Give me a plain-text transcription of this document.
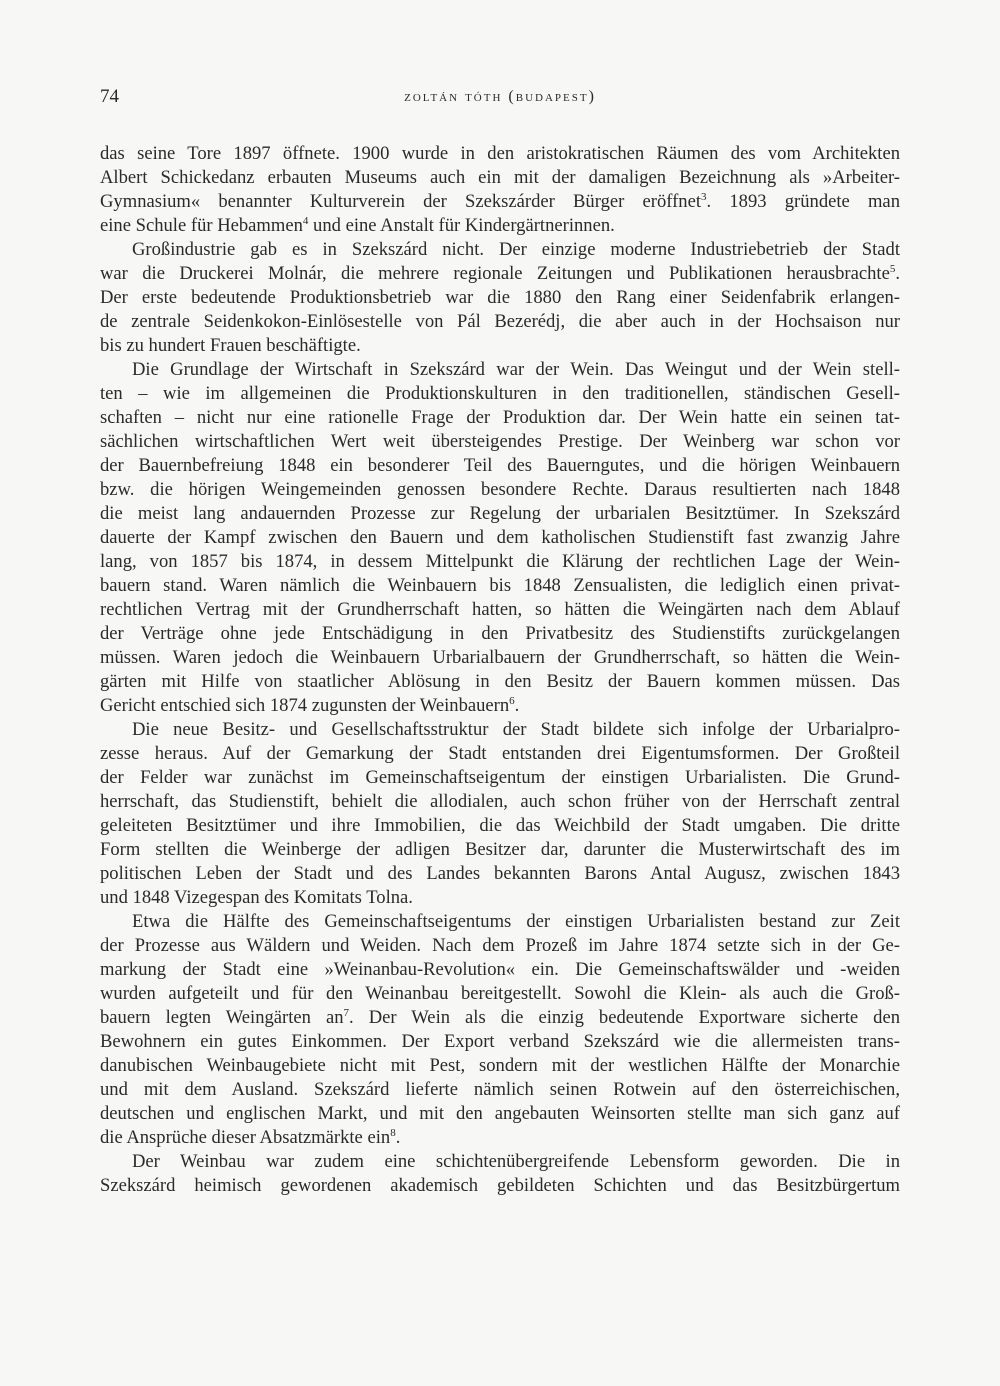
74	zoltán tóth (budapest)

das seine Tore 1897 öffnete. 1900 wurde in den aristokratischen Räumen des vom Architekten

Albert Schickedanz erbauten Museums auch ein mit der damaligen Bezeichnung als »Arbeiter-

Gymnasium« benannter Kulturverein der Szekszárder Bürger eröffnet$^3$. 1893 gründete man

eine Schule für Hebammen$^4$ und eine Anstalt für Kindergärtnerinnen.

Großindustrie gab es in Szekszárd nicht. Der einzige moderne Industriebetrieb der Stadt

war die Druckerei Molnár, die mehrere regionale Zeitungen und Publikationen herausbrachte$^5$.

Der erste bedeutende Produktionsbetrieb war die 1880 den Rang einer Seidenfabrik erlangen-

de zentrale Seidenkokon-Einlösestelle von Pál Bezerédj, die aber auch in der Hochsaison nur

bis zu hundert Frauen beschäftigte.

Die Grundlage der Wirtschaft in Szekszárd war der Wein. Das Weingut und der Wein stell-

ten – wie im allgemeinen die Produktionskulturen in den traditionellen, ständischen Gesell-

schaften – nicht nur eine rationelle Frage der Produktion dar. Der Wein hatte ein seinen tat-

sächlichen wirtschaftlichen Wert weit übersteigendes Prestige. Der Weinberg war schon vor

der Bauernbefreiung 1848 ein besonderer Teil des Bauerngutes, und die hörigen Weinbauern

bzw. die hörigen Weingemeinden genossen besondere Rechte. Daraus resultierten nach 1848

die meist lang andauernden Prozesse zur Regelung der urbarialen Besitztümer. In Szekszárd

dauerte der Kampf zwischen den Bauern und dem katholischen Studienstift fast zwanzig Jahre

lang, von 1857 bis 1874, in dessem Mittelpunkt die Klärung der rechtlichen Lage der Wein-

bauern stand. Waren nämlich die Weinbauern bis 1848 Zensualisten, die lediglich einen privat-

rechtlichen Vertrag mit der Grundherrschaft hatten, so hätten die Weingärten nach dem Ablauf

der Verträge ohne jede Entschädigung in den Privatbesitz des Studienstifts zurückgelangen

müssen. Waren jedoch die Weinbauern Urbarialbauern der Grundherrschaft, so hätten die Wein-

gärten mit Hilfe von staatlicher Ablösung in den Besitz der Bauern kommen müssen. Das

Gericht entschied sich 1874 zugunsten der Weinbauern$^6$.

Die neue Besitz- und Gesellschaftsstruktur der Stadt bildete sich infolge der Urbarialpro-

zesse heraus. Auf der Gemarkung der Stadt entstanden drei Eigentumsformen. Der Großteil

der Felder war zunächst im Gemeinschaftseigentum der einstigen Urbarialisten. Die Grund-

herrschaft, das Studienstift, behielt die allodialen, auch schon früher von der Herrschaft zentral

geleiteten Besitztümer und ihre Immobilien, die das Weichbild der Stadt umgaben. Die dritte

Form stellten die Weinberge der adligen Besitzer dar, darunter die Musterwirtschaft des im

politischen Leben der Stadt und des Landes bekannten Barons Antal Augusz, zwischen 1843

und 1848 Vizegespan des Komitats Tolna.

Etwa die Hälfte des Gemeinschaftseigentums der einstigen Urbarialisten bestand zur Zeit

der Prozesse aus Wäldern und Weiden. Nach dem Prozeß im Jahre 1874 setzte sich in der Ge-

markung der Stadt eine »Weinanbau-Revolution« ein. Die Gemeinschaftswälder und -weiden

wurden aufgeteilt und für den Weinanbau bereitgestellt. Sowohl die Klein- als auch die Groß-

bauern legten Weingärten $an^7$. Der Wein als die einzig bedeutende Exportware sicherte den

Bewohnern ein gutes Einkommen. Der Export verband Szekszárd wie die allermeisten trans-

danubischen Weinbaugebiete nicht mit Pest, sondern mit der westlichen Hälfte der Monarchie

und mit dem Ausland. Szekszárd lieferte nämlich seinen Rotwein auf den österreichischen,

deutschen und englischen Markt, und mit den angebauten Weinsorten stellte man sich ganz auf

die Ansprüche dieser Absatzmärkte ein$^8$.

Der Weinbau war zudem eine schichtenübergreifende Lebensform geworden. Die in

Szekszárd heimisch gewordenen akademisch gebildeten Schichten und das Besitzbürgertum
